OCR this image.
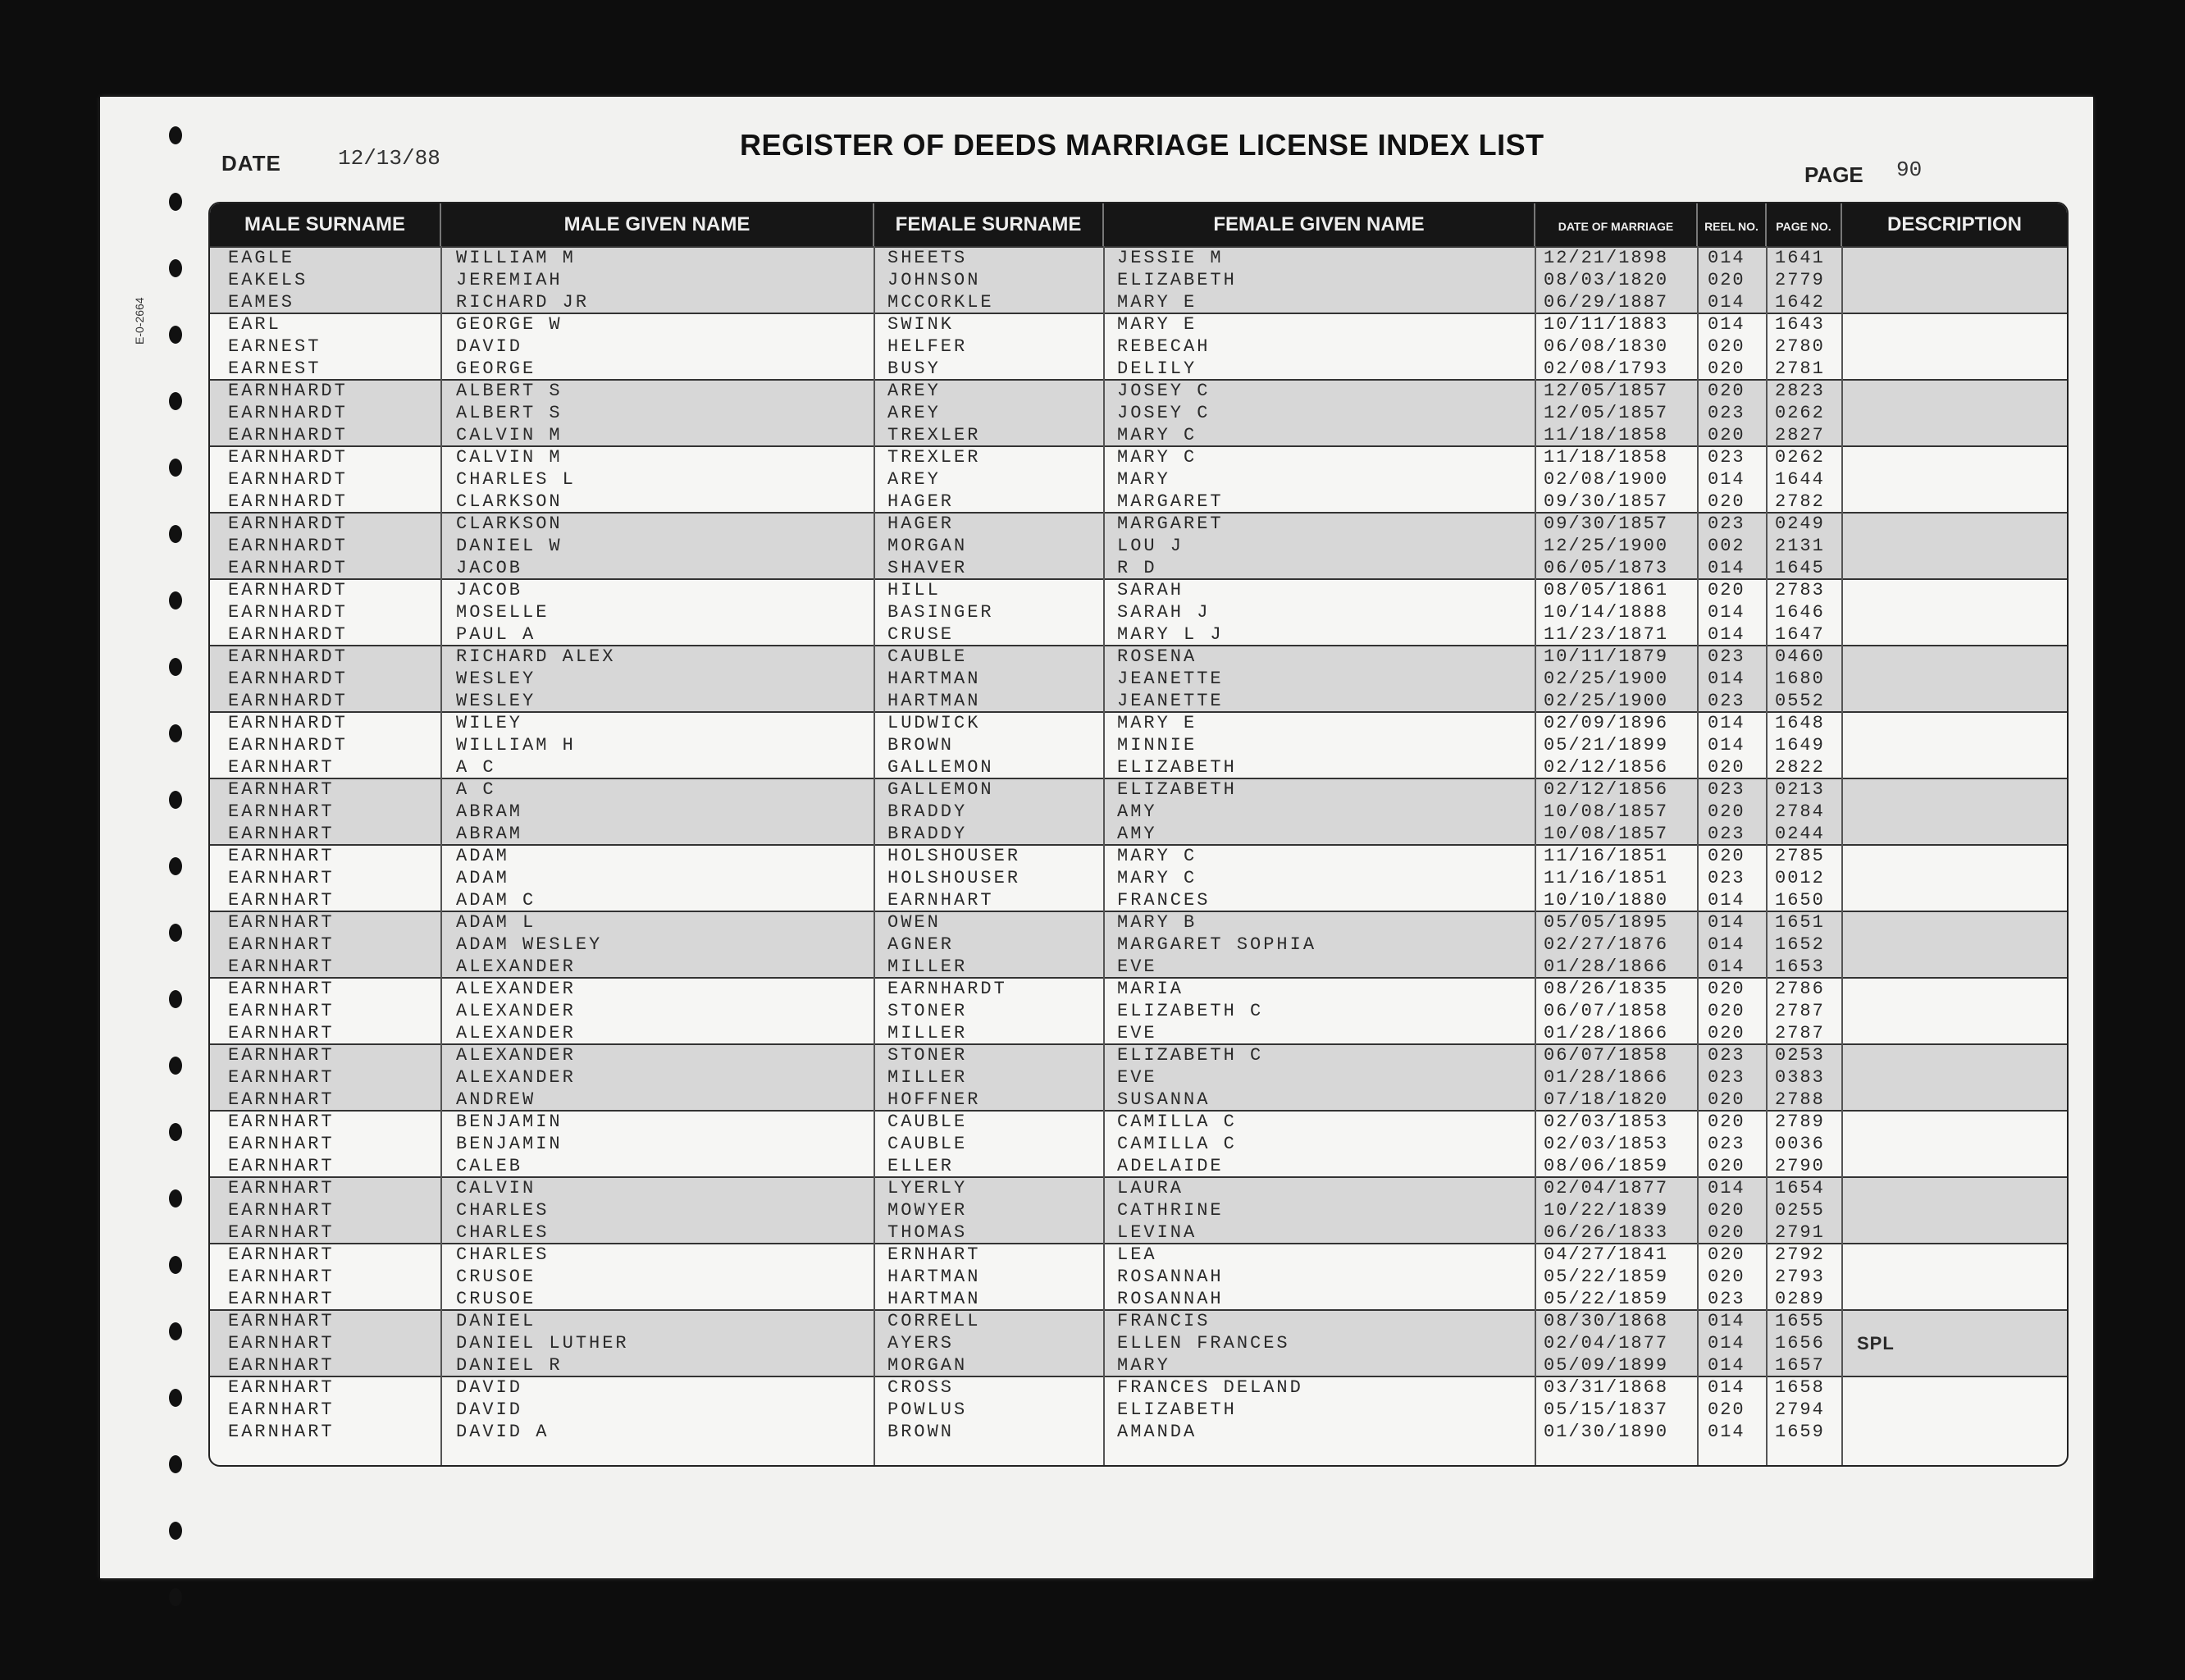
E-0-2664
DATE	12/13/88	REGISTER OF DEEDS MARRIAGE LICENSE INDEX LIST
PAGE 90
MALE SURNAME	MALE GIVEN NAME	FEMALE SURNAME	FEMALE GIVEN NAME	DATE OF MARRIAGE	REEL NO.	PAGE NO.	DESCRIPTION
EAGLE	WILLIAM M	SHEETS	JESSIE M	12/21/1898 014 1641
EAKELS	JEREMIAH	JOHNSON	ELIZABETH	08/03/1820 020 2779
EAMES	RICHARD JR	MCCORKLE	MARY E	06/29/1887 014 1642
EARL	GEORGE W	SWINK	MARY E	10/11/1883 014 1643
EARNEST	DAVID	HELFER	REBECAH	06/08/1830 020 2780
EARNEST	GEORGE	BUSY	DELILY	02/08/1793 020 2781
EARNHARDT	ALBERT S	AREY	JOSEY C	12/05/1857 020 2823
EARNHARDT	ALBERT S	AREY	JOSEY C	12/05/1857 023 0262
EARNHARDT	CALVIN M	TREXLER	MARY C	11/18/1858 020 2827
EARNHARDT	CALVIN M	TREXLER	MARY C	11/18/1858 023 0262
EARNHARDT	CHARLES L	AREY	MARY	02/08/1900 014 1644
EARNHARDT	CLARKSON	HAGER	MARGARET	09/30/1857 020 2782
EARNHARDT	CLARKSON	HAGER	MARGARET	09/30/1857 023 0249
EARNHARDT	DANIEL W	MORGAN	LOU J	12/25/1900 002 2131
EARNHARDT	JACOB	SHAVER	R D	06/05/1873 014 1645
EARNHARDT	JACOB	HILL	SARAH	08/05/1861 020 2783
EARNHARDT	MOSELLE	BASINGER	SARAH J	10/14/1888 014 1646
EARNHARDT	PAUL A	CRUSE	MARY L J	11/23/1871 014 1647
EARNHARDT	RICHARD ALEX	CAUBLE	ROSENA	10/11/1879 023 0460
EARNHARDT	WESLEY	HARTMAN	JEANETTE	02/25/1900 014 1680
EARNHARDT	WESLEY	HARTMAN	JEANETTE	02/25/1900 023 0552
EARNHARDT	WILEY	LUDWICK	MARY E	02/09/1896 014 1648
EARNHARDT	WILLIAM H	BROWN	MINNIE	05/21/1899 014 1649
EARNHART	A C	GALLEMON	ELIZABETH	02/12/1856 020 2822
EARNHART	A C	GALLEMON	ELIZABETH	02/12/1856 023 0213
EARNHART	ABRAM	BRADDY	AMY	10/08/1857 020 2784
EARNHART	ABRAM	BRADDY	AMY	10/08/1857 023 0244
EARNHART	ADAM	HOLSHOUSER	MARY C	11/16/1851 020 2785
EARNHART	ADAM	HOLSHOUSER	MARY C	11/16/1851 023 0012
EARNHART	ADAM C	EARNHART	FRANCES	10/10/1880 014 1650
EARNHART	ADAM L	OWEN	MARY B	05/05/1895 014 1651
EARNHART	ADAM WESLEY	AGNER	MARGARET SOPHIA	02/27/1876 014 1652
EARNHART	ALEXANDER	MILLER	EVE	01/28/1866 014 1653
EARNHART	ALEXANDER	EARNHARDT	MARIA	08/26/1835 020 2786
EARNHART	ALEXANDER	STONER	ELIZABETH C	06/07/1858 020 2787
EARNHART	ALEXANDER	MILLER	EVE	01/28/1866 020 2787
EARNHART	ALEXANDER	STONER	ELIZABETH C	06/07/1858 023 0253
EARNHART	ALEXANDER	MILLER	EVE	01/28/1866 023 0383
EARNHART	ANDREW	HOFFNER	SUSANNA	07/18/1820 020 2788
EARNHART	BENJAMIN	CAUBLE	CAMILLA C	02/03/1853 020 2789
EARNHART	BENJAMIN	CAUBLE	CAMILLA C	02/03/1853 023 0036
EARNHART	CALEB	ELLER	ADELAIDE	08/06/1859 020 2790
EARNHART	CALVIN	LYERLY	LAURA	02/04/1877 014 1654
EARNHART	CHARLES	MOWYER	CATHRINE	10/22/1839 020 0255
EARNHART	CHARLES	THOMAS	LEVINA	06/26/1833 020 2791
EARNHART	CHARLES	ERNHART	LEA	04/27/1841 020 2792
EARNHART	CRUSOE	HARTMAN	ROSANNAH	05/22/1859 020 2793
EARNHART	CRUSOE	HARTMAN	ROSANNAH	05/22/1859 023 0289
EARNHART	DANIEL	CORRELL	FRANCIS	08/30/1868 014 1655
EARNHART	DANIEL LUTHER	AYERS	ELLEN FRANCES	02/04/1877 014 1656 SPL
EARNHART	DANIEL R	MORGAN	MARY	05/09/1899 014 1657
EARNHART	DAVID	CROSS	FRANCES DELAND	03/31/1868 014 1658
EARNHART	DAVID	POWLUS	ELIZABETH	05/15/1837 020 2794
EARNHART	DAVID A	BROWN	AMANDA	01/30/1890 014 1659
